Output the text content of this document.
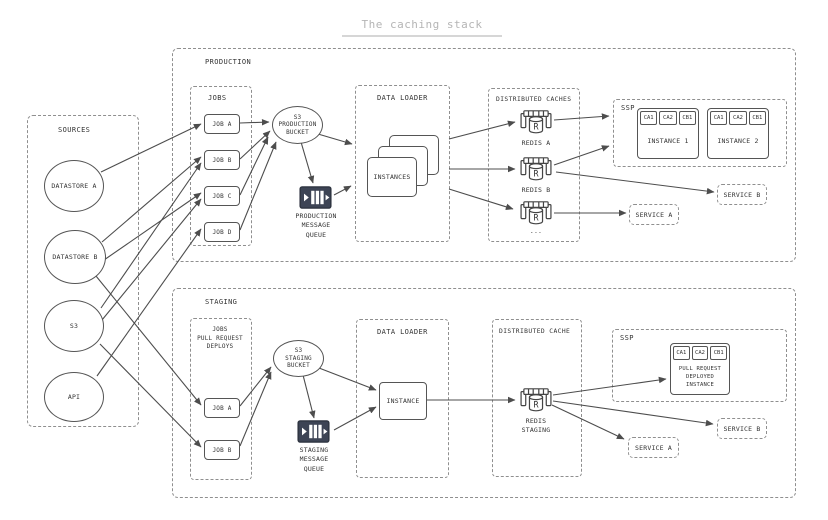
The caching stack
SOURCES
DATASTORE A
DATASTORE B
S3
API
PRODUCTION
JOBS
JOB A
JOB B
JOB C
JOB D
S3
PRODUCTION
BUCKET
PRODUCTION
MESSAGE
QUEUE
DATA LOADER
INSTANCES
DISTRIBUTED CACHES
R
REDIS A
R
REDIS B
R
...
SSP
CA1	CA2	CB1
INSTANCE 1
CA1	CA2	CB1
INSTANCE 2
SERVICE B
SERVICE A
STAGING
JOBS
PULL REQUEST
DEPLOYS
JOB A
JOB B
S3
STAGING
BUCKET
STAGING
MESSAGE
QUEUE
DATA LOADER
INSTANCE
DISTRIBUTED CACHE
R
REDIS
STAGING
SSP
CA1	CA2	CB1
PULL REQUEST
DEPLOYED
INSTANCE
SERVICE B
SERVICE A
